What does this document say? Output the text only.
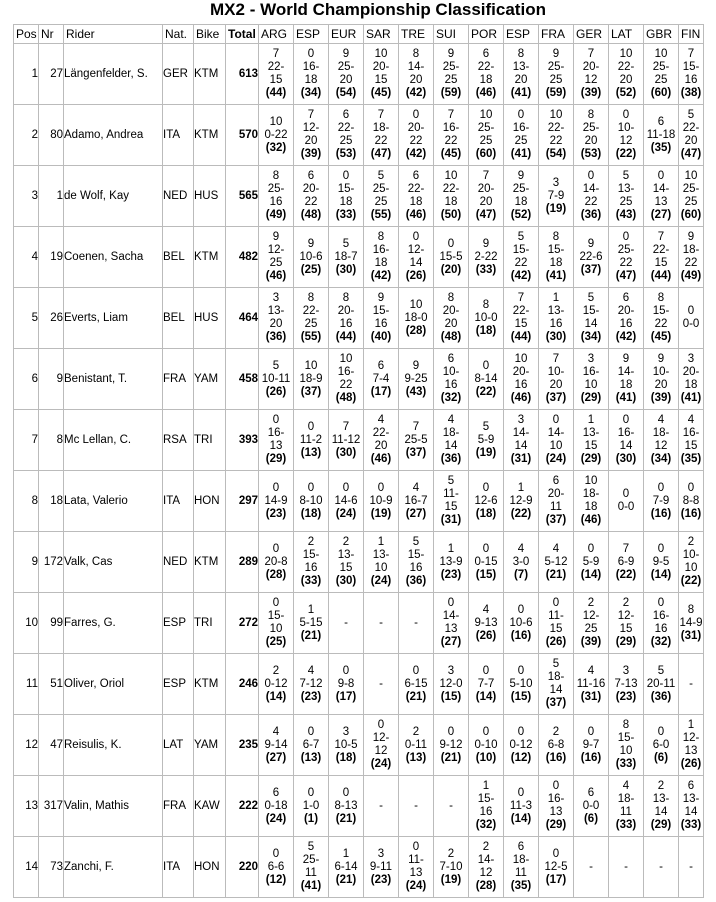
MX2 - World Championship Classification
Pos	Nr	Rider	Nat.	Bike	Total	ARG	ESP	EUR	SAR	TRE	SUI	POR	ESP	FRA	GER	LAT	GBR	FIN
1	27	Längenfelder, S.	GER	KTM	613	7
22-
15
(44)	0
16-
18
(34)	9
25-
20
(54)	10
20-
15
(45)	8
14-
20
(42)	9
25-
25
(59)	6
22-
18
(46)	8
13-
20
(41)	9
25-
25
(59)	7
20-
12
(39)	10
22-
20
(52)	10
25-
25
(60)	7
15-
16
(38)

2	80	Adamo, Andrea	ITA	KTM	570	10
0-22
(32)	7
12-
20
(39)	6
22-
25
(53)	7
18-
22
(47)	0
20-
22
(42)	7
16-
22
(45)	10
25-
25
(60)	0
16-
25
(41)	10
22-
22
(54)	8
25-
20
(53)	0
10-
12
(22)	6
11-18
(35)	5
22-
20
(47)

3	1	de Wolf, Kay	NED	HUS	565	8
25-
16
(49)	6
20-
22
(48)	0
15-
18
(33)	5
25-
25
(55)	6
22-
18
(46)	10
22-
18
(50)	7
20-
20
(47)	9
25-
18
(52)	3
7-9
(19)	0
14-
22
(36)	5
13-
25
(43)	0
14-
13
(27)	10
25-
25
(60)

4	19	Coenen, Sacha	BEL	KTM	482	9
12-
25
(46)	9
10-6
(25)	5
18-7
(30)	8
16-
18
(42)	0
12-
14
(26)	0
15-5
(20)	9
2-22
(33)	5
15-
22
(42)	8
15-
18
(41)	9
22-6
(37)	0
25-
22
(47)	7
22-
15
(44)	9
18-
22
(49)

5	26	Everts, Liam	BEL	HUS	464	3
13-
20
(36)	8
22-
25
(55)	8
20-
16
(44)	9
15-
16
(40)	10
18-0
(28)	8
20-
20
(48)	8
10-0
(18)	7
22-
15
(44)	1
13-
16
(30)	5
15-
14
(34)	6
20-
16
(42)	8
15-
22
(45)	0
0-0

6	9	Benistant, T.	FRA	YAM	458	5
10-11
(26)	10
18-9
(37)	10
16-
22
(48)	6
7-4
(17)	9
9-25
(43)	6
10-
16
(32)	0
8-14
(22)	10
20-
16
(46)	7
10-
20
(37)	3
16-
10
(29)	9
14-
18
(41)	9
10-
20
(39)	3
20-
18
(41)

7	8	Mc Lellan, C.	RSA	TRI	393	0
16-
13
(29)	0
11-2
(13)	7
11-12
(30)	4
22-
20
(46)	7
25-5
(37)	4
18-
14
(36)	5
5-9
(19)	3
14-
14
(31)	0
14-
10
(24)	1
13-
15
(29)	0
16-
14
(30)	4
18-
12
(34)	4
16-
15
(35)

8	18	Lata, Valerio	ITA	HON	297	0
14-9
(23)	0
8-10
(18)	0
14-6
(24)	0
10-9
(19)	4
16-7
(27)	5
11-
15
(31)	0
12-6
(18)	1
12-9
(22)	6
20-
11
(37)	10
18-
18
(46)	0
0-0	0
7-9
(16)	0
8-8
(16)

9	172	Valk, Cas	NED	KTM	289	0
20-8
(28)	2
15-
16
(33)	2
13-
15
(30)	1
13-
10
(24)	5
15-
16
(36)	1
13-9
(23)	0
0-15
(15)	4
3-0
(7)	4
5-12
(21)	0
5-9
(14)	7
6-9
(22)	0
9-5
(14)	2
10-
10
(22)

10	99	Farres, G.	ESP	TRI	272	0
15-
10
(25)	1
5-15
(21)	-	-	-	0
14-
13
(27)	4
9-13
(26)	0
10-6
(16)	0
11-
15
(26)	2
12-
25
(39)	2
12-
15
(29)	0
16-
16
(32)	8
14-9
(31)

11	51	Oliver, Oriol	ESP	KTM	246	2
0-12
(14)	4
7-12
(23)	0
9-8
(17)	-	0
6-15
(21)	3
12-0
(15)	0
7-7
(14)	0
5-10
(15)	5
18-
14
(37)	4
11-16
(31)	3
7-13
(23)	5
20-11
(36)	-

12	47	Reisulis, K.	LAT	YAM	235	4
9-14
(27)	0
6-7
(13)	3
10-5
(18)	0
12-
12
(24)	2
0-11
(13)	0
9-12
(21)	0
0-10
(10)	0
0-12
(12)	2
6-8
(16)	0
9-7
(16)	8
15-
10
(33)	0
6-0
(6)	1
12-
13
(26)

13	317	Valin, Mathis	FRA	KAW	222	6
0-18
(24)	0
1-0
(1)	0
8-13
(21)	-	-	-	1
15-
16
(32)	0
11-3
(14)	0
16-
13
(29)	6
0-0
(6)	4
18-
11
(33)	2
13-
14
(29)	6
13-
14
(33)

14	73	Zanchi, F.	ITA	HON	220	0
6-6
(12)	5
25-
11
(41)	1
6-14
(21)	3
9-11
(23)	0
11-
13
(24)	2
7-10
(19)	2
14-
12
(28)	6
18-
11
(35)	0
12-5
(17)	-	-	-	-
